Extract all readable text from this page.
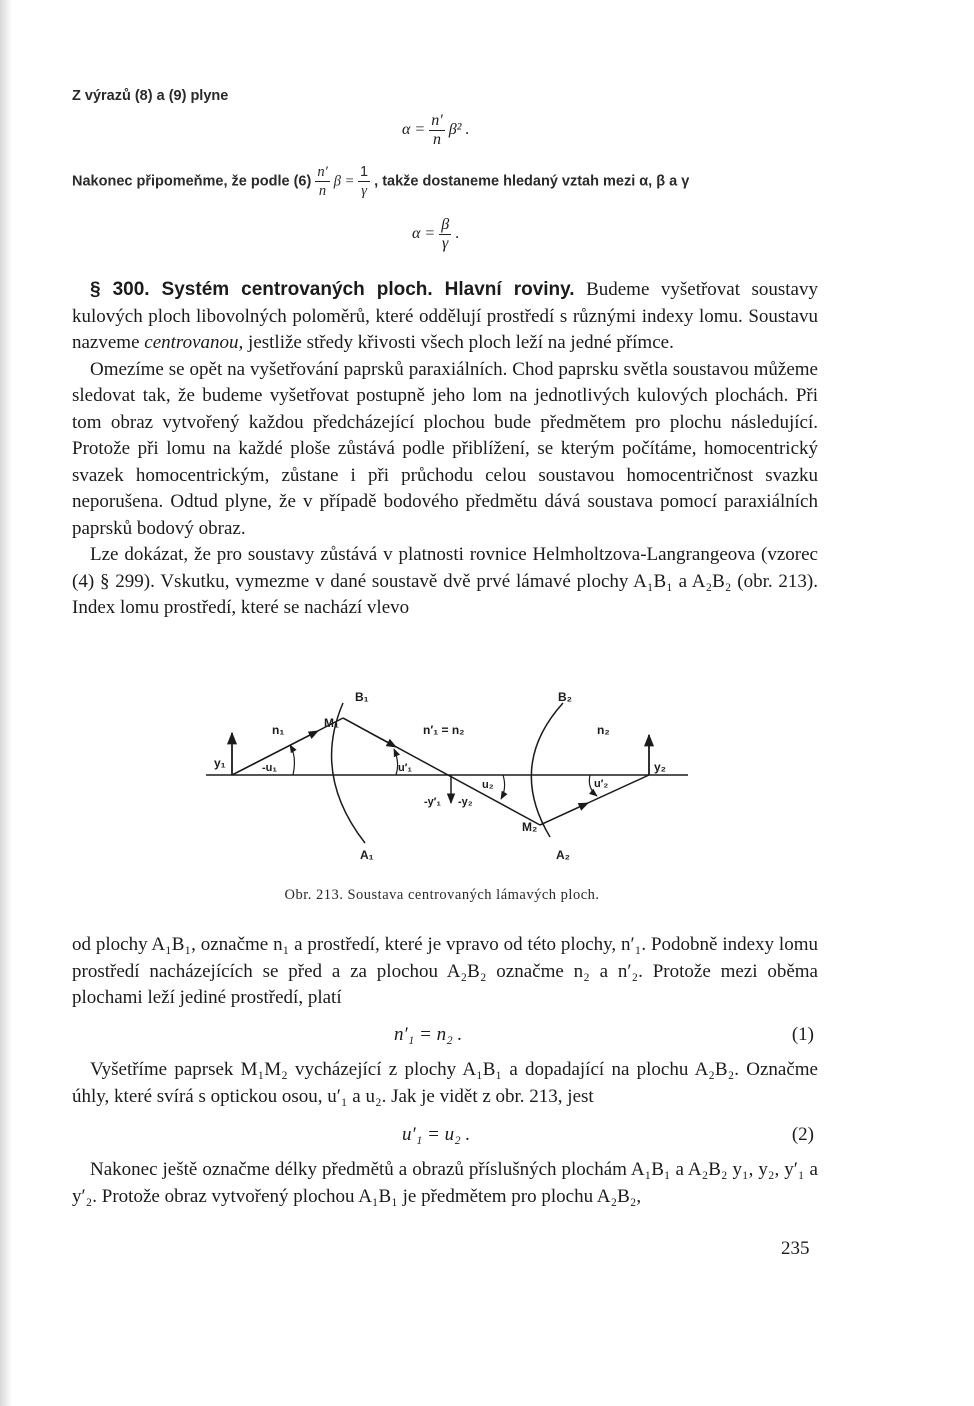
Z výrazů (8) a (9) plyne
$\alpha = \frac{n'}{n} \beta^2$ .
Nakonec připomeňme, že podle $(6) \frac{n'}{n}$ $\beta = \frac{1}{\gamma}$ , takže dostaneme hledaný vztah mezi α, β a γ
$\alpha = \frac{\beta}{\gamma}$ .
§ 300. Systém centrovaných ploch. Hlavní roviny. Budeme vyšetřovat soustavy kulových ploch libovolných poloměrů, které oddělují prostředí s různými indexy lomu. Soustavu nazveme centrovanou, jestliže středy křivosti všech ploch leží na jedné přímce.
Omezíme se opět na vyšetřování paprsků paraxiálních. Chod paprsku světla soustavou můžeme sledovat tak, že budeme vyšetřovat postupně jeho lom na jednotlivých kulových plochách. Při tom obraz vytvořený každou předcházející plochou bude předmětem pro plochu následující. Protože při lomu na každé ploše zůstává podle přiblížení, se kterým počítáme, homocentrický svazek homocentrickým, zůstane i při průchodu celou soustavou homocentričnost svazku neporušena. Odtud plyne, že v případě bodového předmětu dává soustava pomocí paraxiálních paprsků bodový obraz.
Lze dokázat, že pro soustavy zůstává v platnosti rovnice Helmholtzova-Langrangeova (vzorec (4) § 299). Vskutku, vymezme v dané soustavě dvě prvé lámavé plochy A₁B₁ a A₂B₂ (obr. 213). Index lomu prostředí, které se nachází vlevo
B₁	B₂
A₁	A₂
M₁
M₂
n₁	n′₁ = n₂	n₂
y₁	y₂
-u₁	u′₁
u₂	u′₂
-y′₁ -y₂
Obr. 213. Soustava centrovaných lámavých ploch.
od plochy A₁B₁, označme n₁ a prostředí, které je vpravo od této plochy, n′₁. Podobně indexy lomu prostředí nacházejících se před a za plochou A₂B₂ označme n₂ a n′₂. Protože mezi oběma plochami leží jediné prostředí, platí
n′₁ = n₂ .	(1)
Vyšetříme paprsek M₁M₂ vycházející z plochy A₁B₁ a dopadající na plochu A₂B₂. Označme úhly, které svírá s optickou osou, u′₁ a u₂. Jak je vidět z obr. 213, jest
u′₁ = u₂ .	(2)
Nakonec ještě označme délky předmětů a obrazů příslušných plochám A₁B₁ a A₂B₂ y₁, y₂, y′₁ a y′₂. Protože obraz vytvořený plochou A₁B₁ je předmětem pro plochu A₂B₂,
235
